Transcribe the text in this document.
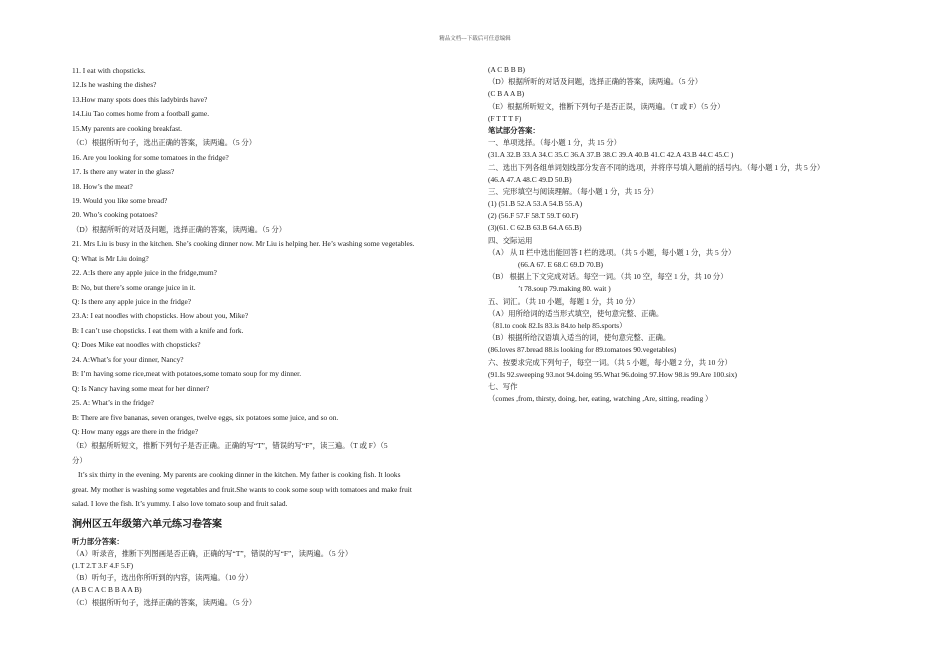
精品文档---下载后可任意编辑
11. I eat with chopsticks.
12.Is he washing the dishes?
13.How many spots does this ladybirds have?
14.Liu Tao comes home from a football game.
15.My parents are cooking breakfast.
（C）根据所听句子，选出正确的答案，读两遍。（5 分）
16. Are you looking for some tomatoes in the fridge?
17. Is there any water in the glass?
18. How’s the meat?
19. Would you like some bread?
20. Who’s cooking potatoes?
（D）根据所听的对话及问题，选择正确的答案，读两遍。（5 分）
21. Mrs Liu is busy in the kitchen. She’s cooking dinner now. Mr Liu is helping her. He’s washing some vegetables.
Q: What is Mr Liu doing?
22. A:Is there any apple juice in the fridge,mum?
B: No, but there’s some orange juice in it.
Q: Is there any apple juice in the fridge?
23.A: I eat noodles with chopsticks. How about you, Mike?
B: I can’t use chopsticks. I eat them with a knife and fork.
Q: Does Mike eat noodles with chopsticks?
24. A:What’s for your dinner, Nancy?
B: I’m having some rice,meat with potatoes,some tomato soup for my dinner.
Q: Is Nancy having some meat for her dinner?
25. A: What’s in the fridge?
B: There are five bananas, seven oranges, twelve eggs, six potatoes some juice, and so on.
Q: How many eggs are there in the fridge?
（E）根据所听短文，推断下列句子是否正确。正确的写“T”，错误的写“F”，读三遍。（T 或 F）（5
分）
It’s six thirty in the evening. My parents are cooking dinner in the kitchen. My father is cooking fish. It looks
great. My mother is washing some vegetables and fruit.She wants to cook some soup with tomatoes and make fruit
salad. I love the fish. It’s yummy. I also love tomato soup and fruit salad.
涧州区五年级第六单元练习卷答案
听力部分答案：
（A）听录音，推断下列图画是否正确，正确的写“T”，错误的写“F”，读两遍。（5 分）
(1.T 2.T 3.F 4.F 5.F)
（B）听句子，选出你所听到的内容，读两遍。（10 分）
(A B C A C B B A A B)
（C）根据所听句子，选择正确的答案，读两遍。（5 分）
(A C B B B)
（D）根据所听的对话及问题，选择正确的答案，读两遍。（5 分）
(C B A A B)
（E）根据所听短文，推断下列句子是否正误，读两遍。（T 或 F）（5 分）
(F T T T F)
笔试部分答案：
一、单项选择。（每小题 1 分，共 15 分）
(31.A 32.B 33.A 34.C 35.C 36.A 37.B 38.C 39.A 40.B 41.C 42.A 43.B 44.C 45.C )
二、选出下列各组单词划线部分发音不同的选项，并将序号填入题前的括号内。（每小题 1 分，共 5 分）
(46.A 47.A 48.C 49.D 50.B)
三、完形填空与阅读理解。（每小题 1 分，共 15 分）
(1) (51.B 52.A 53.A 54.B 55.A)
(2) (56.F 57.F 58.T 59.T 60.F)
(3)(61. C 62.B 63.B 64.A 65.B)
四、交际运用
（A） 从 II 栏中选出能回答 I 栏的选项。（共 5 小题，每小题 1 分，共 5 分）
(66.A 67. E 68.C 69.D 70.B)
（B） 根据上下文完成对话。每空一词。（共 10 空，每空 1 分，共 10 分）
’t 78.soup 79.making 80. wait )
五、词汇。（共 10 小题，每题 1 分，共 10 分）
（A）用所给词的适当形式填空，使句意完整、正确。
（81.to cook 82.Is 83.is 84.to help 85.sports）
（B）根据所给汉语填入适当的词，使句意完整、正确。
(86.loves 87.bread 88.is looking for 89.tomatoes 90.vegetables)
六、按要求完成下列句子，每空一词。（共 5 小题，每小题 2 分，共 10 分）
(91.Is 92.sweeping 93.not 94.doing 95.What 96.doing 97.How 98.is 99.Are 100.six)
七、写作
（comes ,from, thirsty, doing, her, eating, watching ,Are, sitting, reading ）
